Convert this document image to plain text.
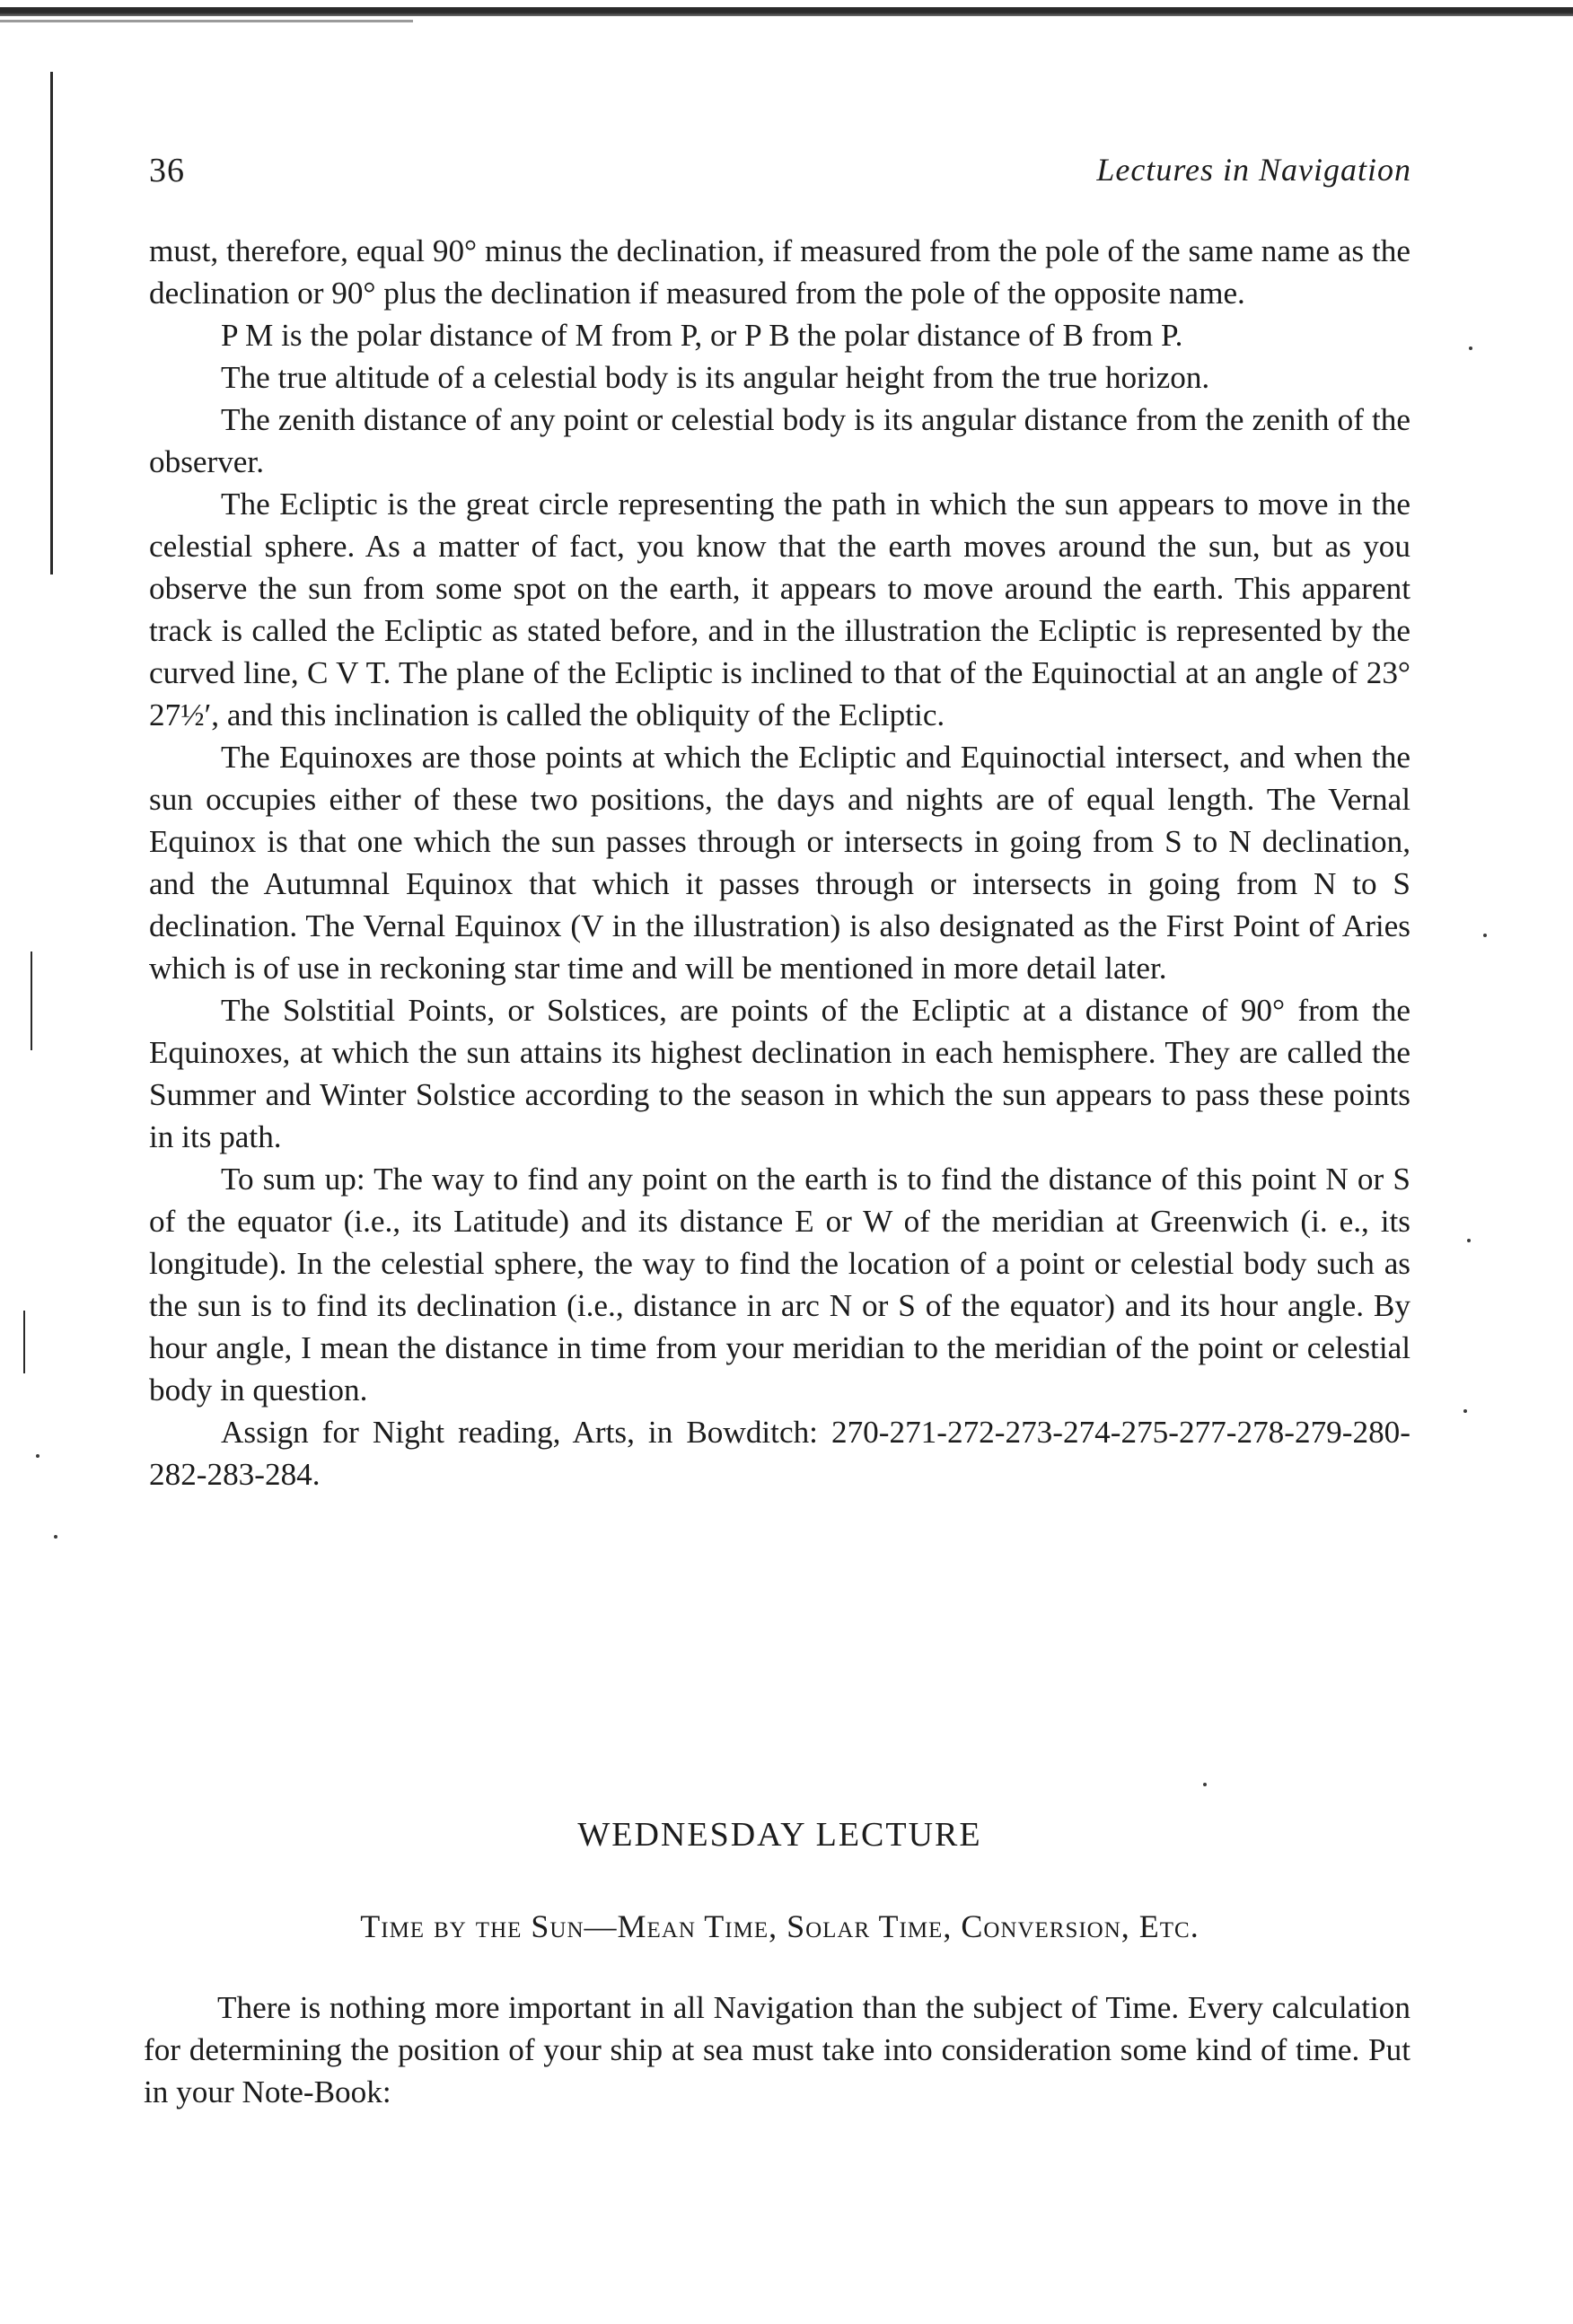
36	Lectures in Navigation

must, therefore, equal 90° minus the declination, if measured from the pole of the same name as the declination or 90° plus the declination if measured from the pole of the opposite name.

P M is the polar distance of M from P, or P B the polar distance of B from P.

The true altitude of a celestial body is its angular height from the true horizon.

The zenith distance of any point or celestial body is its angular distance from the zenith of the observer.

The Ecliptic is the great circle representing the path in which the sun appears to move in the celestial sphere. As a matter of fact, you know that the earth moves around the sun, but as you observe the sun from some spot on the earth, it appears to move around the earth. This apparent track is called the Ecliptic as stated before, and in the illustration the Ecliptic is represented by the curved line, C V T. The plane of the Ecliptic is inclined to that of the Equinoctial at an angle of 23° 27½′, and this inclination is called the obliquity of the Ecliptic.

The Equinoxes are those points at which the Ecliptic and Equinoctial intersect, and when the sun occupies either of these two positions, the days and nights are of equal length. The Vernal Equinox is that one which the sun passes through or intersects in going from S to N declination, and the Autumnal Equinox that which it passes through or intersects in going from N to S declination. The Vernal Equinox (V in the illustration) is also designated as the First Point of Aries which is of use in reckoning star time and will be mentioned in more detail later.

The Solstitial Points, or Solstices, are points of the Ecliptic at a distance of 90° from the Equinoxes, at which the sun attains its highest declination in each hemisphere. They are called the Summer and Winter Solstice according to the season in which the sun appears to pass these points in its path.

To sum up: The way to find any point on the earth is to find the distance of this point N or S of the equator (i.e., its Latitude) and its distance E or W of the meridian at Greenwich (i. e., its longitude). In the celestial sphere, the way to find the location of a point or celestial body such as the sun is to find its declination (i.e., distance in arc N or S of the equator) and its hour angle. By hour angle, I mean the distance in time from your meridian to the meridian of the point or celestial body in question.

Assign for Night reading, Arts, in Bowditch: 270-271-272-273-274-275-277-278-279-280-282-283-284.

WEDNESDAY LECTURE
Time by the Sun—Mean Time, Solar Time, Conversion, Etc.

There is nothing more important in all Navigation than the subject of Time. Every calculation for determining the position of your ship at sea must take into consideration some kind of time. Put in your Note-Book:
